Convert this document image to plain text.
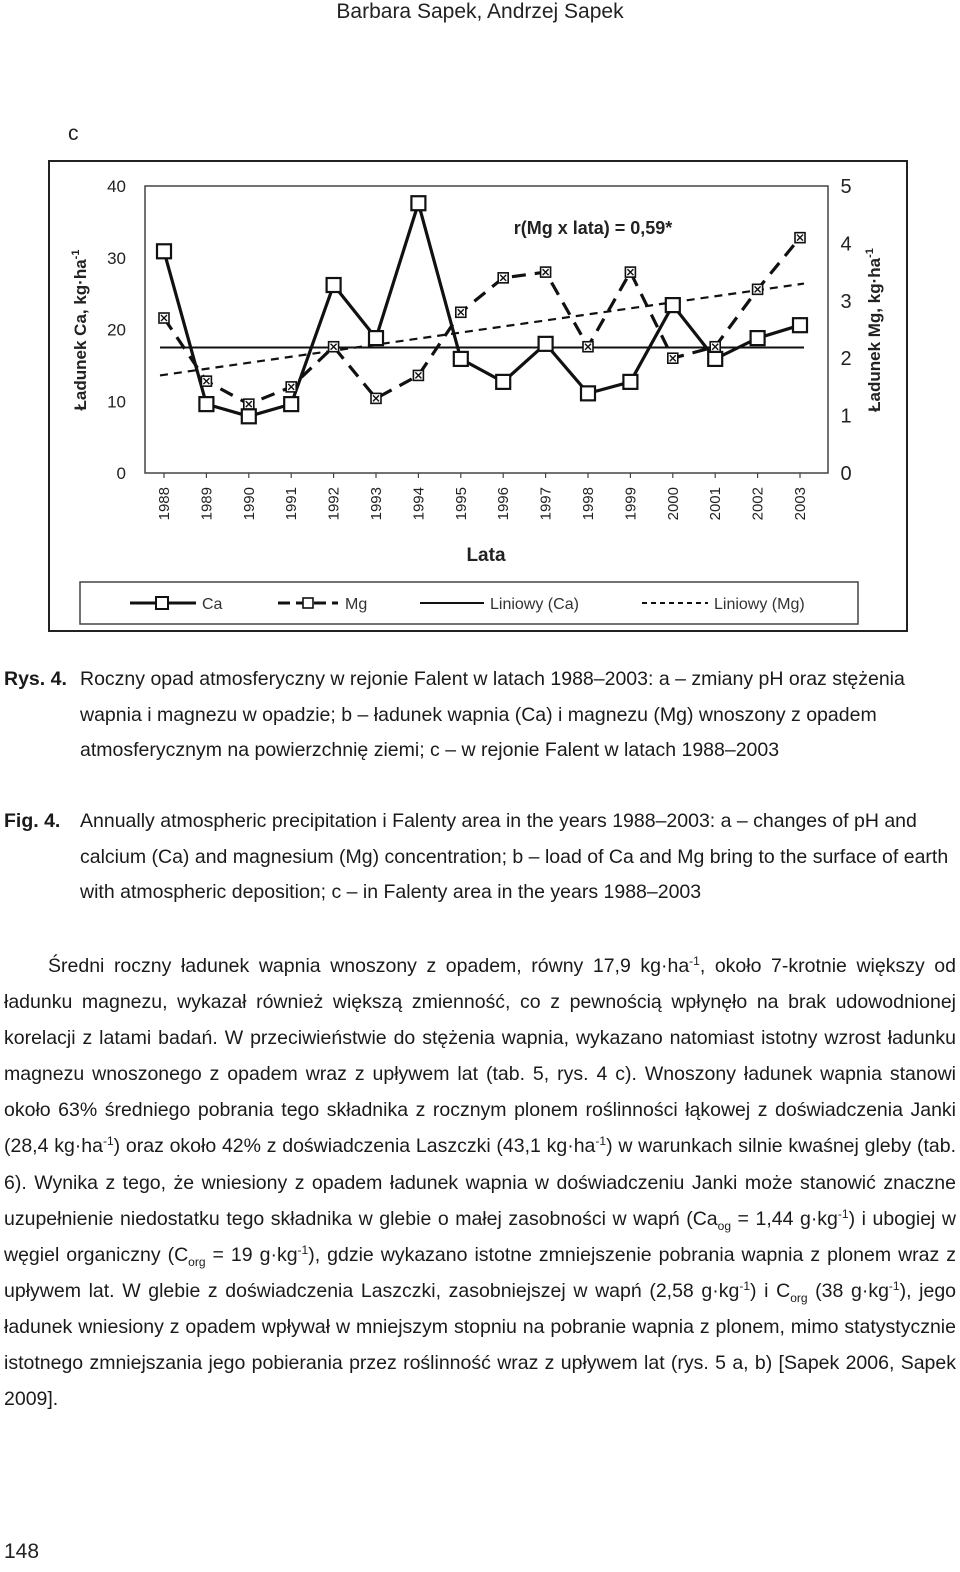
Barbara Sapek, Andrzej Sapek
c
0
10
20
30
40
0
1
2
3
4
5
1988 1989 1990 1991 1992 1993 1994 1995 1996 1997 1998 1999 2000 2001 2002 2003
r(Mg x lata) = 0,59*
Ładunek Ca, $kg\cdot ha^{-1}$
Ładunek Mg, $kg\cdot ha^{-1}$
Lata
Ca	Mg	Liniowy (Ca)	Liniowy (Mg)
Rys. 4. Roczny opad atmosferyczny w rejonie Falent w latach 1988–2003: a – zmiany pH oraz stężenia wapnia i magnezu w opadzie; b – ładunek wapnia (Ca) i magnezu (Mg) wnoszony z opadem atmosferycznym na powierzchnię ziemi; c – w rejonie Falent w latach 1988–2003
Fig. 4. Annually atmospheric precipitation i Falenty area in the years 1988–2003: a – changes of pH and calcium (Ca) and magnesium (Mg) concentration; b – load of Ca and Mg bring to the surface of earth with atmospheric deposition; c – in Falenty area in the years 1988–2003

Średni roczny ładunek wapnia wnoszony z opadem, równy 17,9 $kg\cdot ha^{-1}$, około 7-krotnie większy od ładunku magnezu, wykazał również większą zmienność, co z pewnością wpłynęło na brak udowodnionej korelacji z latami badań. W przeciwieństwie do stężenia wapnia, wykazano natomiast istotny wzrost ładunku magnezu wnoszonego z opadem wraz z upływem lat (tab. 5, rys. 4 c). Wnoszony ładunek wapnia stanowi około 63% średniego pobrania tego składnika z rocznym plonem roślinności łąkowej z doświadczenia Janki (28,4 $kg\cdot ha^{-1}$) oraz około 42% z doświadczenia Laszczki (43,1 $kg\cdot ha^{-1}$) w warunkach silnie kwaśnej gleby (tab. 6). Wynika z tego, że wniesiony z opadem ładunek wapnia w doświadczeniu Janki może stanowić znaczne uzupełnienie niedostatku tego składnika w glebie o małej zasobności w wapń ($Ca_{og} = 1,44$ $g\cdot kg^{-1}$) i ubogiej w węgiel organiczny ($C_{org} = 19$ $g\cdot kg^{-1}$), gdzie wykazano istotne zmniejszenie pobrania wapnia z plonem wraz z upływem lat. W glebie z doświadczenia Laszczki, zasobniejszej w wapń (2,58 $g\cdot kg^{-1}$) i $C_{org}$ (38 $g\cdot kg^{-1}$), jego ładunek wniesiony z opadem wpływał w mniejszym stopniu na pobranie wapnia z plonem, mimo statystycznie istotnego zmniejszania jego pobierania przez roślinność wraz z upływem lat (rys. 5 a, b) [Sapek 2006, Sapek 2009].

148
